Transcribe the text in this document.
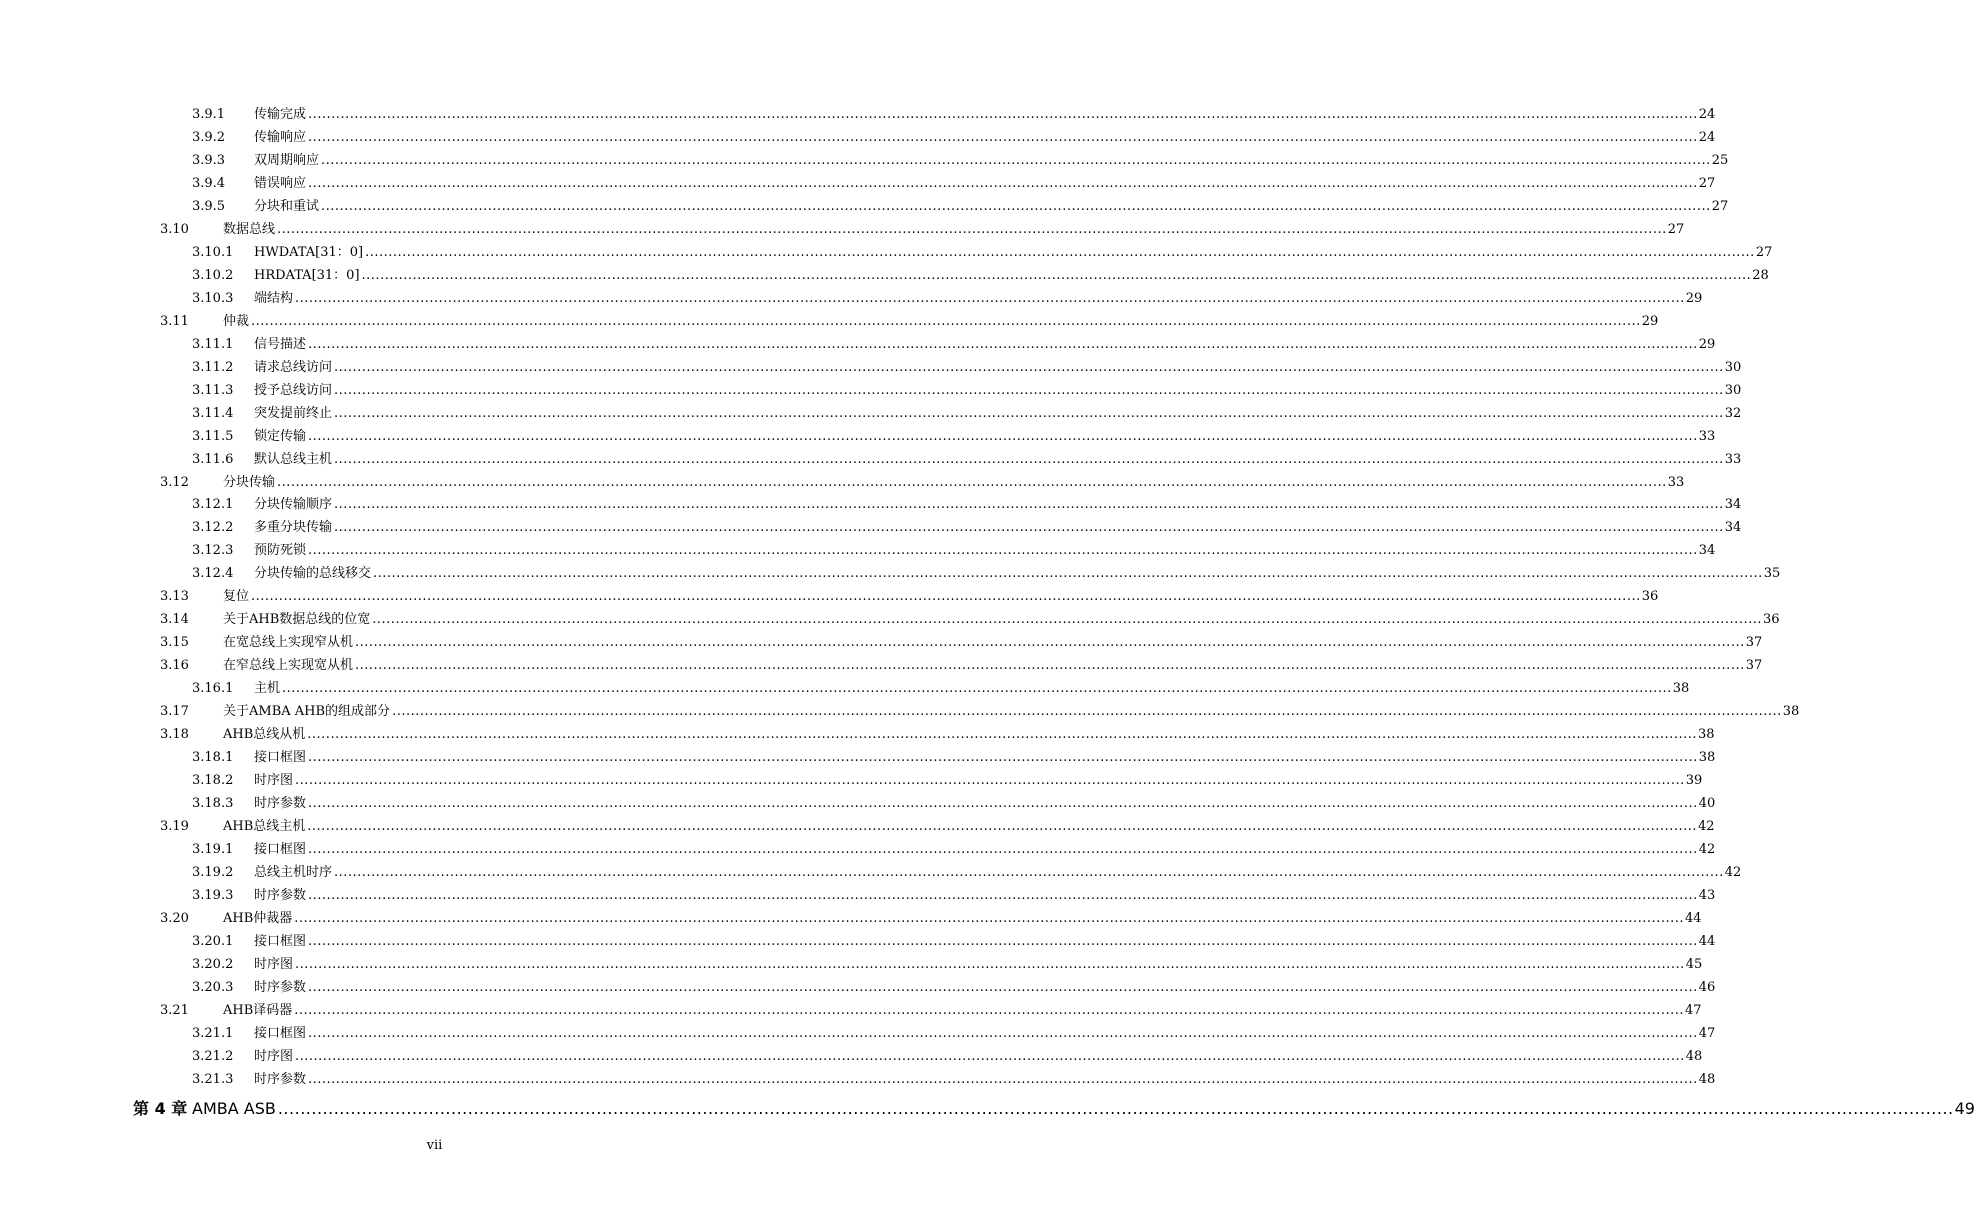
3.9.1 传输完成 ............................................................................................................................................................................................................................................................................................................ 24
3.9.2 传输响应 ............................................................................................................................................................................................................................................................................................................ 24
3.9.3 双周期响应 ............................................................................................................................................................................................................................................................................................................ 25
3.9.4 错误响应 ............................................................................................................................................................................................................................................................................................................ 27
3.9.5 分块和重试 ............................................................................................................................................................................................................................................................................................................ 27
3.10	数据总线 ............................................................................................................................................................................................................................................................................................................ 27
3.10.1 HWDATA[31：0] ............................................................................................................................................................................................................................................................................................................ 27
3.10.2 HRDATA[31：0] ............................................................................................................................................................................................................................................................................................................ 28
3.10.3 端结构 ............................................................................................................................................................................................................................................................................................................ 29
3.11	仲裁 ............................................................................................................................................................................................................................................................................................................ 29
3.11.1 信号描述 ............................................................................................................................................................................................................................................................................................................ 29
3.11.2 请求总线访问 ............................................................................................................................................................................................................................................................................................................ 30
3.11.3 授予总线访问 ............................................................................................................................................................................................................................................................................................................ 30
3.11.4 突发提前终止 ............................................................................................................................................................................................................................................................................................................ 32
3.11.5 锁定传输 ............................................................................................................................................................................................................................................................................................................ 33
3.11.6 默认总线主机 ............................................................................................................................................................................................................................................................................................................ 33
3.12	分块传输 ............................................................................................................................................................................................................................................................................................................ 33
3.12.1 分块传输顺序 ............................................................................................................................................................................................................................................................................................................ 34
3.12.2 多重分块传输 ............................................................................................................................................................................................................................................................................................................ 34
3.12.3 预防死锁 ............................................................................................................................................................................................................................................................................................................ 34
3.12.4 分块传输的总线移交 ............................................................................................................................................................................................................................................................................................................ 35
3.13	复位 ............................................................................................................................................................................................................................................................................................................ 36
3.14	关于AHB数据总线的位宽 ............................................................................................................................................................................................................................................................................................................ 36
3.15	在宽总线上实现窄从机 ............................................................................................................................................................................................................................................................................................................ 37
3.16	在窄总线上实现宽从机 ............................................................................................................................................................................................................................................................................................................ 37
3.16.1 主机 ............................................................................................................................................................................................................................................................................................................ 38
3.17	关于AMBA AHB的组成部分 ............................................................................................................................................................................................................................................................................................................ 38
3.18	AHB总线从机 ............................................................................................................................................................................................................................................................................................................ 38
3.18.1 接口框图 ............................................................................................................................................................................................................................................................................................................ 38
3.18.2 时序图 ............................................................................................................................................................................................................................................................................................................ 39
3.18.3 时序参数 ............................................................................................................................................................................................................................................................................................................ 40
3.19	AHB总线主机 ............................................................................................................................................................................................................................................................................................................ 42
3.19.1 接口框图 ............................................................................................................................................................................................................................................................................................................ 42
3.19.2 总线主机时序 ............................................................................................................................................................................................................................................................................................................ 42
3.19.3 时序参数 ............................................................................................................................................................................................................................................................................................................ 43
3.20	AHB仲裁器 ............................................................................................................................................................................................................................................................................................................ 44
3.20.1 接口框图 ............................................................................................................................................................................................................................................................................................................ 44
3.20.2 时序图 ............................................................................................................................................................................................................................................................................................................ 45
3.20.3 时序参数 ............................................................................................................................................................................................................................................................................................................ 46
3.21	AHB译码器 ............................................................................................................................................................................................................................................................................................................ 47
3.21.1 接口框图 ............................................................................................................................................................................................................................................................................................................ 47
3.21.2 时序图 ............................................................................................................................................................................................................................................................................................................ 48
3.21.3 时序参数 ............................................................................................................................................................................................................................................................................................................ 48
第 4 章 AMBA ASB ............................................................................................................................................................................................................................................................................................................ 49
vii
